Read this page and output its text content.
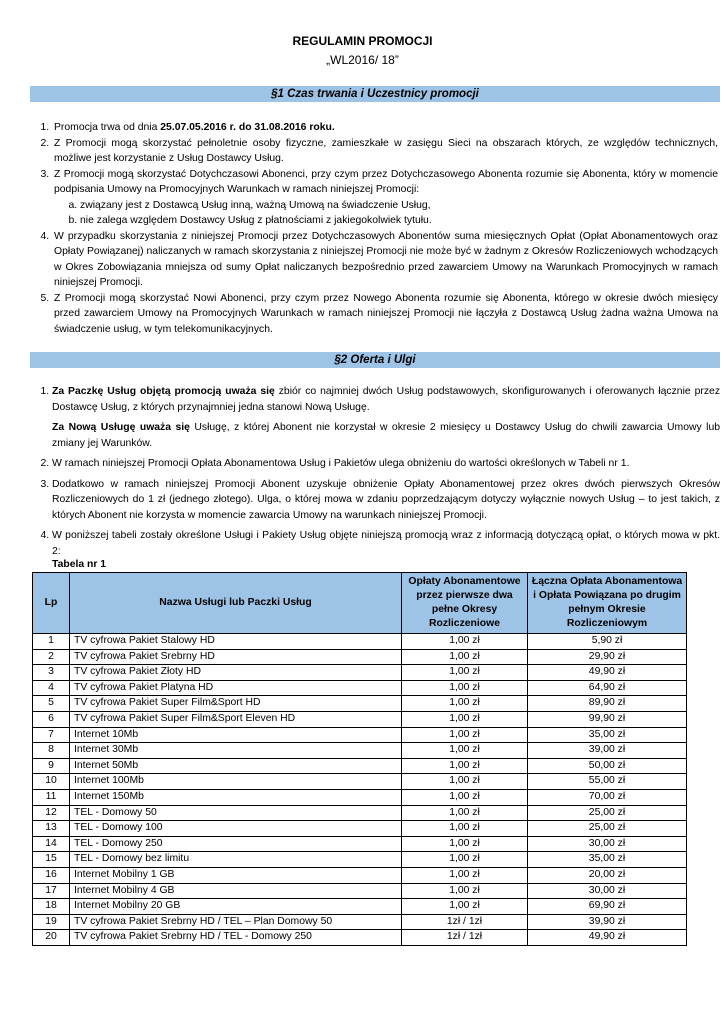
REGULAMIN PROMOCJI
„WL2016/ 18”
§1 Czas trwania i Uczestnicy promocji
1. Promocja trwa od dnia 25.07.05.2016 r. do 31.08.2016 roku.
2. Z Promocji mogą skorzystać pełnoletnie osoby fizyczne, zamieszkałe w zasięgu Sieci na obszarach których, ze względów technicznych, możliwe jest korzystanie z Usług Dostawcy Usług.
3. Z Promocji mogą skorzystać Dotychczasowi Abonenci, przy czym przez Dotychczasowego Abonenta rozumie się Abonenta, który w momencie podpisania Umowy na Promocyjnych Warunkach w ramach niniejszej Promocji:
a. związany jest z Dostawcą Usług inną, ważną Umową na świadczenie Usług,
b. nie zalega względem Dostawcy Usług z płatnościami z jakiegokolwiek tytułu.
4. W przypadku skorzystania z niniejszej Promocji przez Dotychczasowych Abonentów suma miesięcznych Opłat (Opłat Abonamentowych oraz Opłaty Powiązanej) naliczanych w ramach skorzystania z niniejszej Promocji nie może być w żadnym z Okresów Rozliczeniowych wchodzących w Okres Zobowiązania mniejsza od sumy Opłat naliczanych bezpośrednio przed zawarciem Umowy na Warunkach Promocyjnych w ramach niniejszej Promocji.
5. Z Promocji mogą skorzystać Nowi Abonenci, przy czym przez Nowego Abonenta rozumie się Abonenta, którego w okresie dwóch miesięcy przed zawarciem Umowy na Promocyjnych Warunkach w ramach niniejszej Promocji nie łączyła z Dostawcą Usług żadna ważna Umowa na świadczenie usług, w tym telekomunikacyjnych.
§2 Oferta i Ulgi
1. Za Paczkę Usług objętą promocją uważa się zbiór co najmniej dwóch Usług podstawowych, skonfigurowanych i oferowanych łącznie przez Dostawcę Usług, z których przynajmniej jedna stanowi Nową Usługę.
Za Nową Usługę uważa się Usługę, z której Abonent nie korzystał w okresie 2 miesięcy u Dostawcy Usług do chwili zawarcia Umowy lub zmiany jej Warunków.
2. W ramach niniejszej Promocji Opłata Abonamentowa Usług i Pakietów ulega obniżeniu do wartości określonych w Tabeli nr 1.
3. Dodatkowo w ramach niniejszej Promocji Abonent uzyskuje obniżenie Opłaty Abonamentowej przez okres dwóch pierwszych Okresów Rozliczeniowych do 1 zł (jednego złotego). Ulga, o której mowa w zdaniu poprzedzającym dotyczy wyłącznie nowych Usług – to jest takich, z których Abonent nie korzysta w momencie zawarcia Umowy na warunkach niniejszej Promocji.
4. W poniższej tabeli zostały określone Usługi i Pakiety Usług objęte niniejszą promocją wraz z informacją dotyczącą opłat, o których mowa w pkt. 2:
Tabela nr 1
Lp	Nazwa Usługi lub Paczki Usług	Opłaty Abonamentowe przez pierwsze dwa pełne Okresy Rozliczeniowe	Łączna Opłata Abonamentowa i Opłata Powiązana po drugim pełnym Okresie Rozliczeniowym
1	TV cyfrowa Pakiet Stalowy HD	1,00 zł	5,90 zł
2	TV cyfrowa Pakiet Srebrny HD	1,00 zł	29,90 zł
3	TV cyfrowa Pakiet Złoty HD	1,00 zł	49,90 zł
4	TV cyfrowa Pakiet Platyna HD	1,00 zł	64,90 zł
5	TV cyfrowa Pakiet Super Film&Sport HD	1,00 zł	89,90 zł
6	TV cyfrowa Pakiet Super Film&Sport Eleven HD	1,00 zł	99,90 zł
7	Internet 10Mb	1,00 zł	35,00 zł
8	Internet 30Mb	1,00 zł	39,00 zł
9	Internet 50Mb	1,00 zł	50,00 zł
10	Internet 100Mb	1,00 zł	55,00 zł
11	Internet 150Mb	1,00 zł	70,00 zł
12	TEL - Domowy 50	1,00 zł	25,00 zł
13	TEL - Domowy 100	1,00 zł	25,00 zł
14	TEL - Domowy 250	1,00 zł	30,00 zł
15	TEL - Domowy bez limitu	1,00 zł	35,00 zł
16	Internet Mobilny 1 GB	1,00 zł	20,00 zł
17	Internet Mobilny 4 GB	1,00 zł	30,00 zł
18	Internet Mobilny 20 GB	1,00 zł	69,90 zł
19	TV cyfrowa Pakiet Srebrny HD / TEL – Plan Domowy 50	1zł / 1zł	39,90 zł
20	TV cyfrowa Pakiet Srebrny HD / TEL - Domowy 250	1zł / 1zł	49,90 zł
